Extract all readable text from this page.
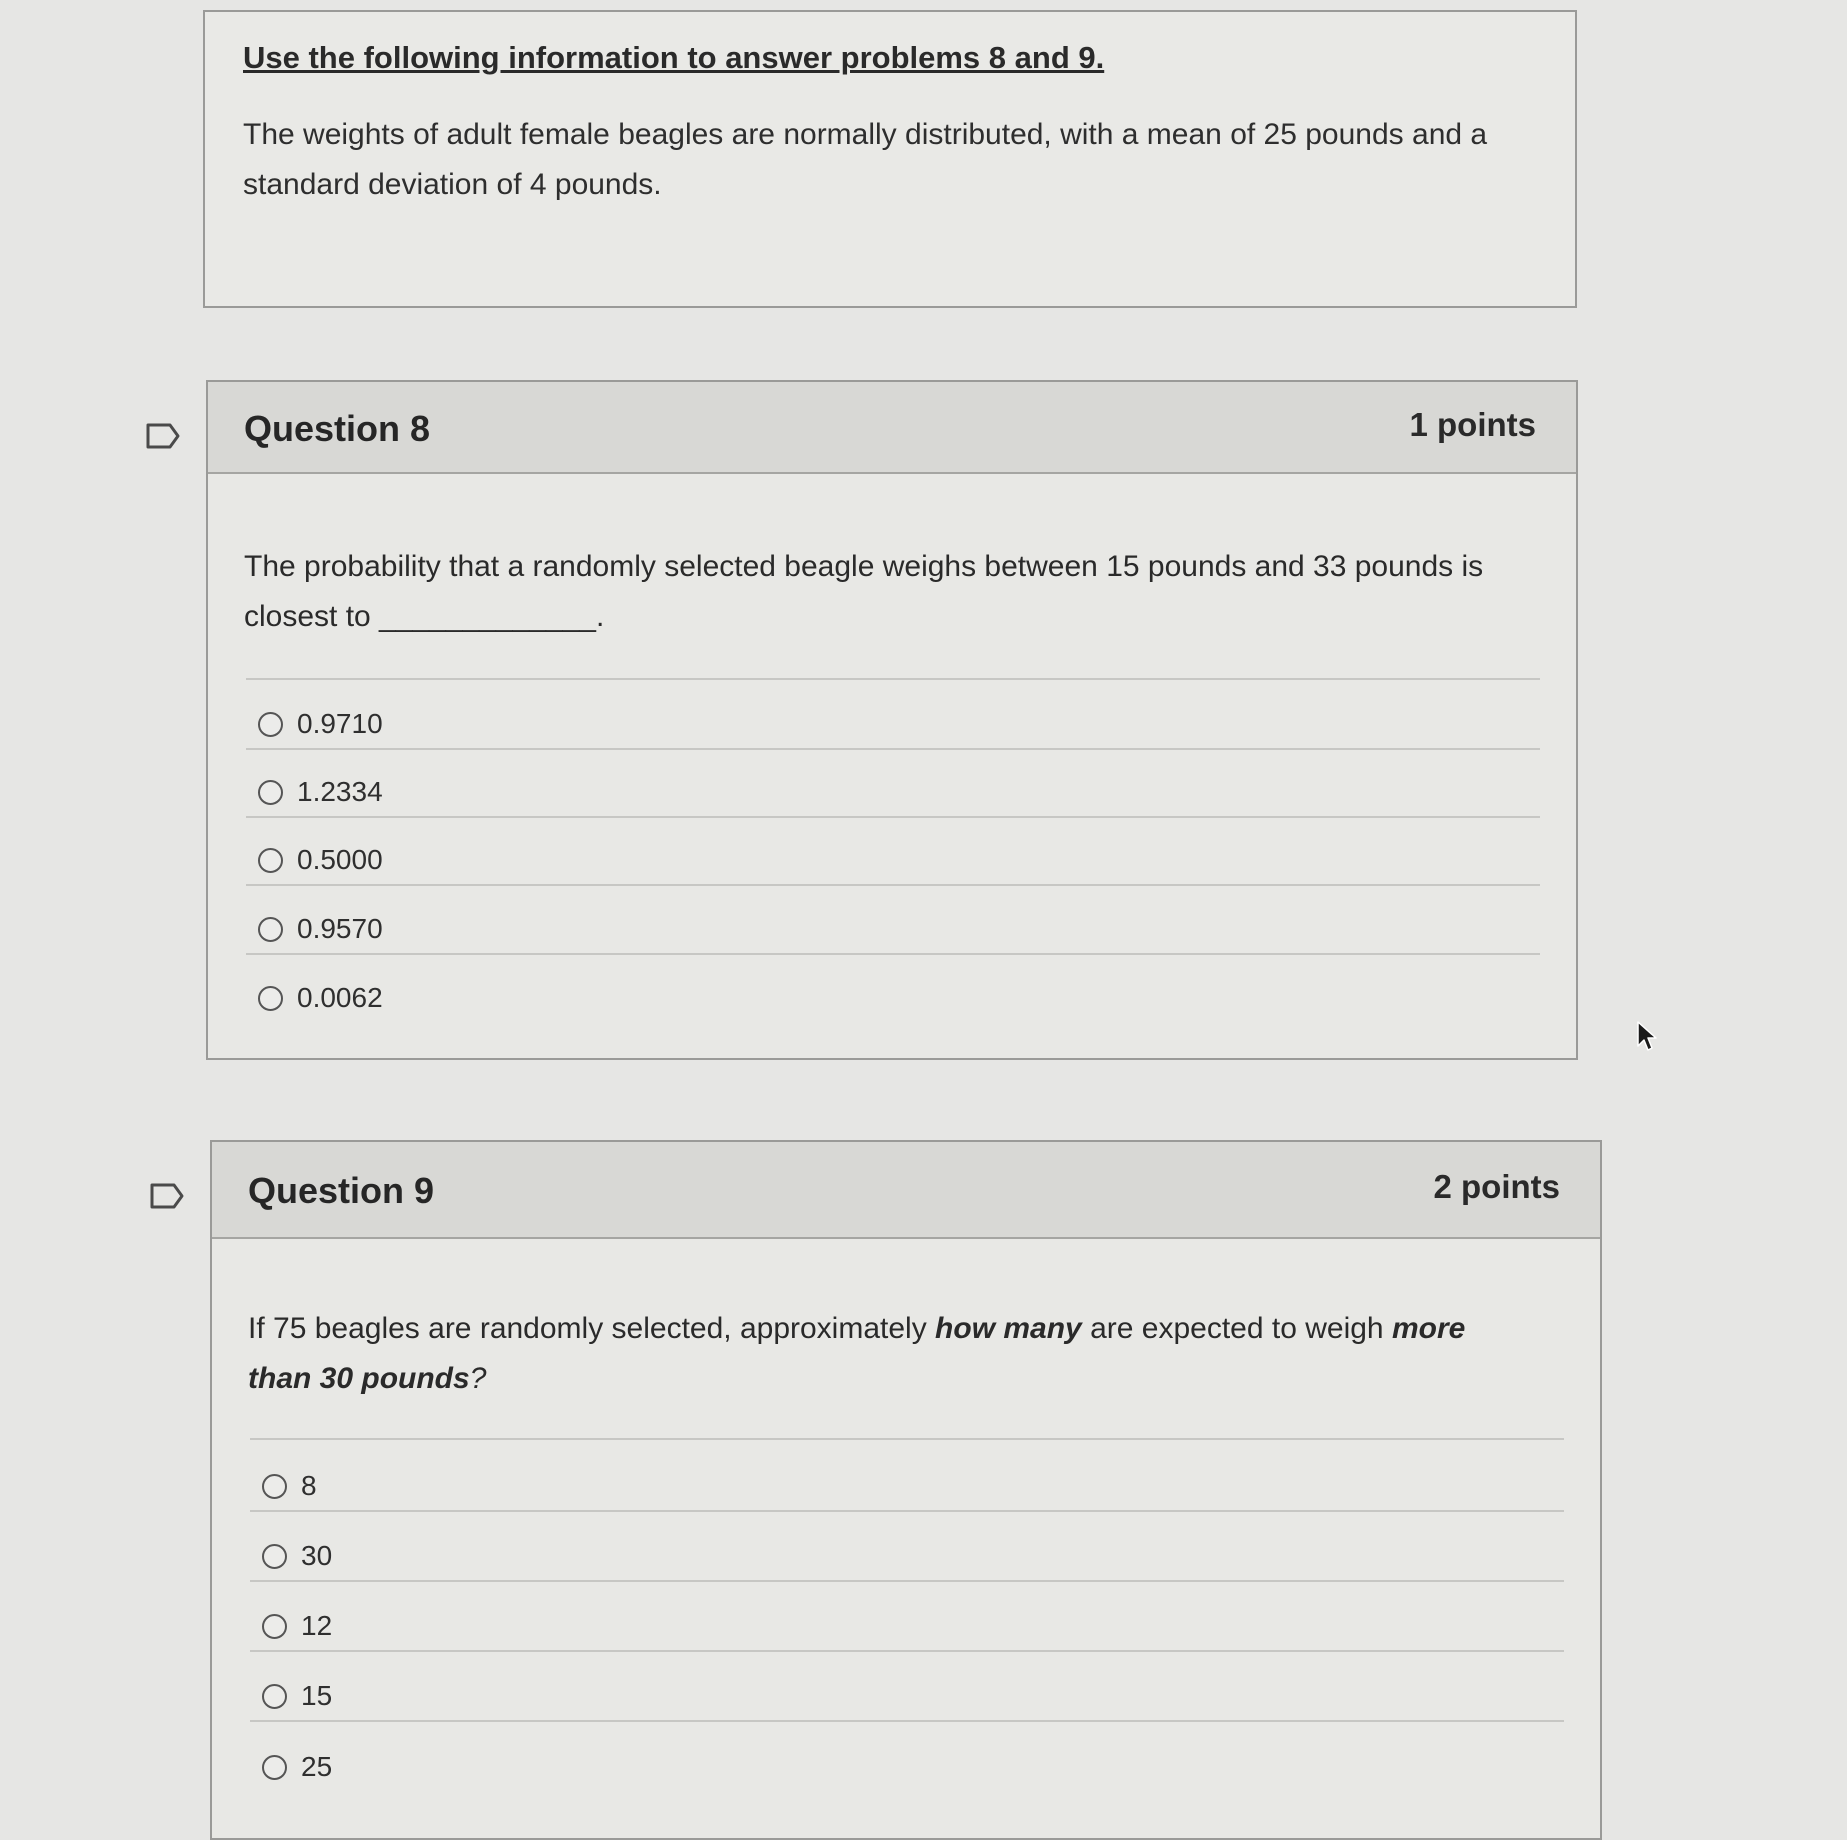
Use the following information to answer problems 8 and 9.
The weights of adult female beagles are normally distributed, with a mean of 25 pounds and a standard deviation of 4 pounds.
Question 8	1 points
The probability that a randomly selected beagle weighs between 15 pounds and 33 pounds is
closest to _____________.
0.9710
1.2334
0.5000
0.9570
0.0062
Question 9	2 points
If 75 beagles are randomly selected, approximately how many are expected to weigh more
than 30 pounds?
8
30
12
15
25
